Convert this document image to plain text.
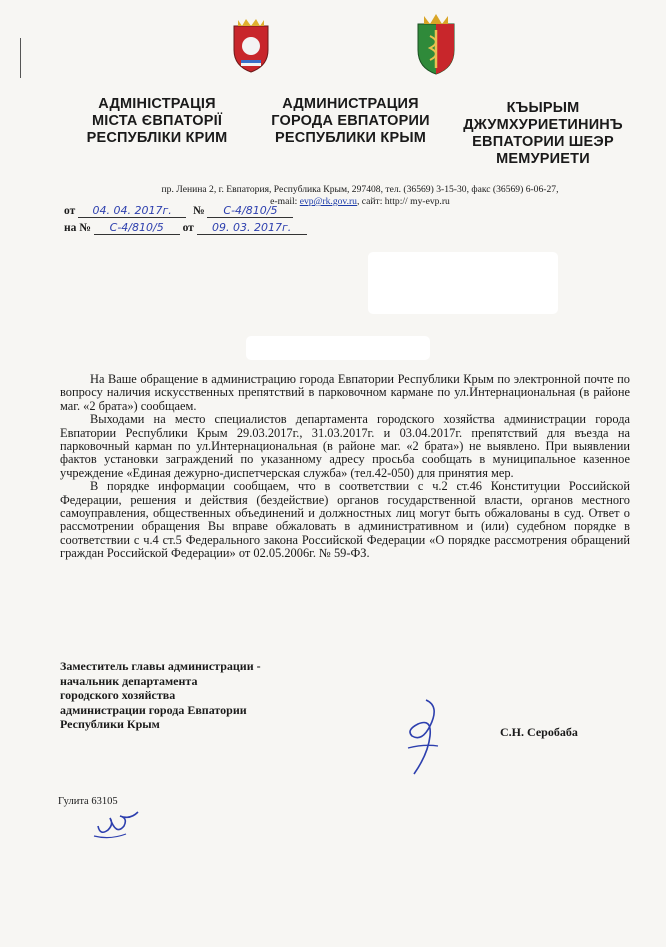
АДМІНІСТРАЦІЯ
МІСТА ЄВПАТОРІЇ
РЕСПУБЛІКИ КРИМ
АДМИНИСТРАЦИЯ
ГОРОДА ЕВПАТОРИИ
РЕСПУБЛИКИ КРЫМ
КЪЫРЫМ
ДЖУМХУРИЕТИНИНЪ
ЕВПАТОРИИ ШЕЭР
МЕМУРИЕТИ
пр. Ленина 2, г. Евпатория, Республика Крым, 297408, тел. (36569) 3-15-30, факс (36569) 6-06-27,
e-mail: evp@rk.gov.ru, сайт: http:// my-evp.ru
от 04. 04. 2017г. № С-4/810/5
на № С-4/810/5 от 09. 03. 2017г.

На Ваше обращение в администрацию города Евпатории Республики Крым по электронной почте по вопросу наличия искусственных препятствий в парковочном кармане по ул.Интернациональная (в районе маг. «2 брата») сообщаем.

Выходами на место специалистов департамента городского хозяйства администрации города Евпатории Республики Крым 29.03.2017г., 31.03.2017г. и 03.04.2017г. препятствий для въезда на парковочный карман по ул.Интернациональная (в районе маг. «2 брата») не выявлено. При выявлении фактов установки заграждений по указанному адресу просьба сообщать в муниципальное казенное учреждение «Единая дежурно-диспетчерская служба» (тел.42-050) для принятия мер.

В порядке информации сообщаем, что в соответствии с ч.2 ст.46 Конституции Российской Федерации, решения и действия (бездействие) органов государственной власти, органов местного самоуправления, общественных объединений и должностных лиц могут быть обжалованы в суд. Ответ о рассмотрении обращения Вы вправе обжаловать в административном и (или) судебном порядке в соответствии с ч.4 ст.5 Федерального закона Российской Федерации «О порядке рассмотрения обращений граждан Российской Федерации» от 02.05.2006г. № 59-ФЗ.

Заместитель главы администрации -
начальник департамента
городского хозяйства
администрации города Евпатории
Республики Крым
С.Н. Серобаба
Гулита 63105
